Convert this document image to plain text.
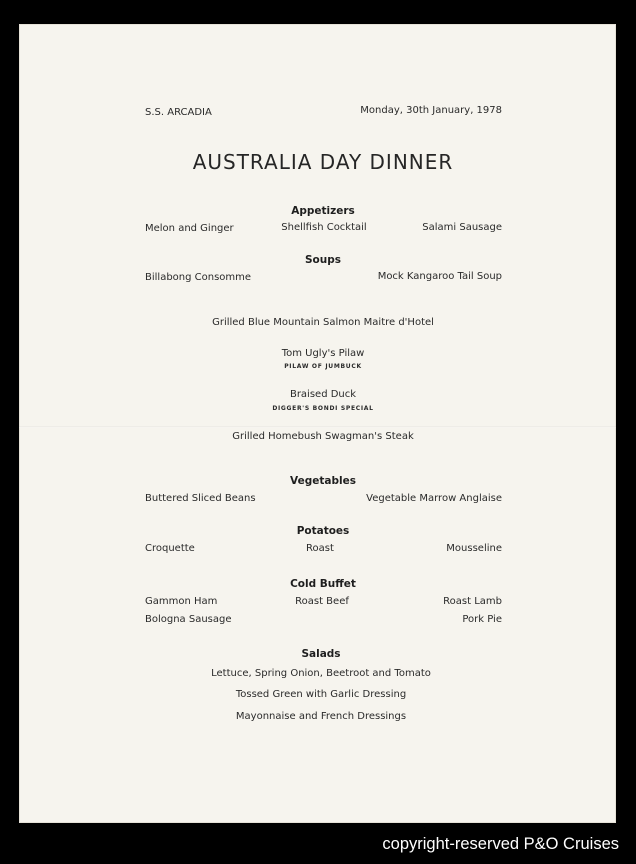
S.S. ARCADIA	Monday, 30th January, 1978
AUSTRALIA DAY DINNER
Appetizers
Melon and Ginger	Shellfish Cocktail	Salami Sausage
Soups
Billabong Consomme	Mock Kangaroo Tail Soup
Grilled Blue Mountain Salmon Maitre d'Hotel
Tom Ugly's Pilaw
PILAW OF JUMBUCK
Braised Duck
DIGGER'S BONDI SPECIAL
Grilled Homebush Swagman's Steak
Vegetables
Buttered Sliced Beans	Vegetable Marrow Anglaise
Potatoes
Croquette	Roast	Mousseline
Cold Buffet
Gammon Ham	Roast Beef	Roast Lamb
Bologna Sausage	Pork Pie
Salads
Lettuce, Spring Onion, Beetroot and Tomato
Tossed Green with Garlic Dressing
Mayonnaise and French Dressings
copyright-reserved P&O Cruises
